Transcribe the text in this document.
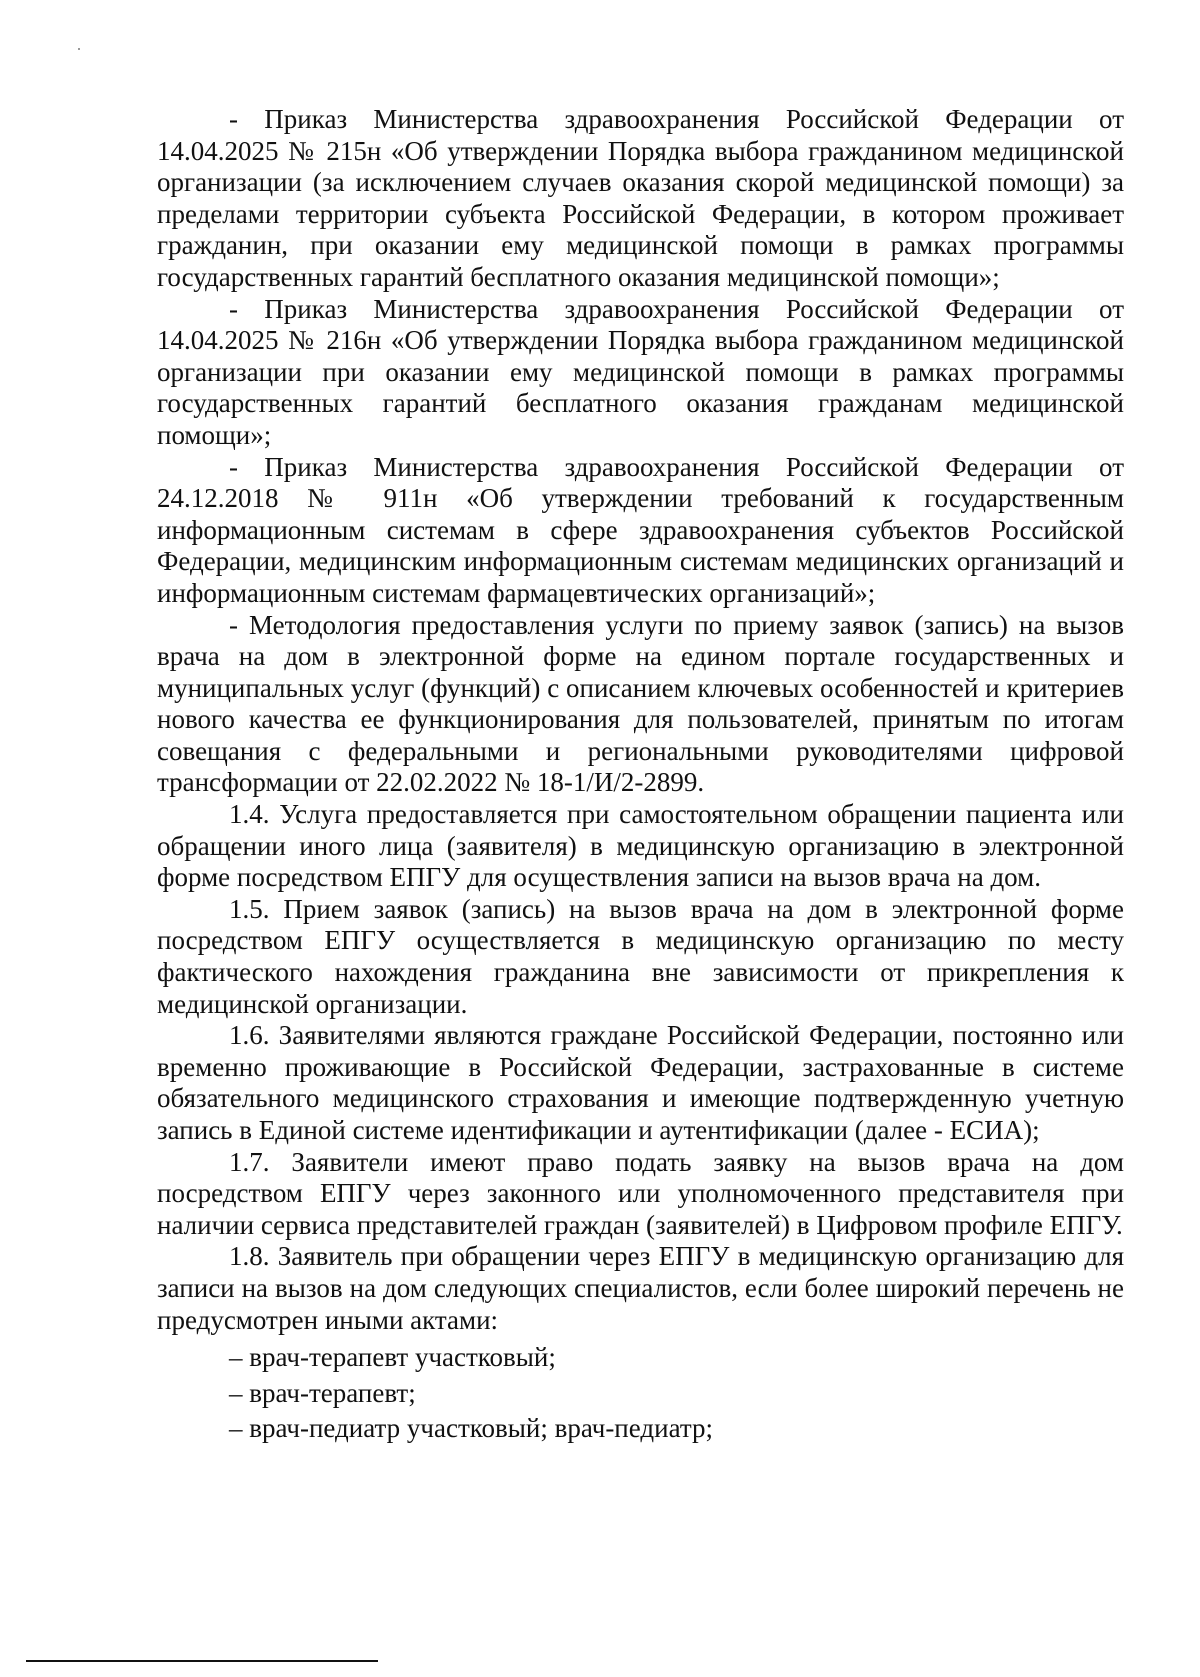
- Приказ Министерства здравоохранения Российской Федерации от 14.04.2025 № 215н «Об утверждении Порядка выбора гражданином медицинской организации (за исключением случаев оказания скорой медицинской помощи) за пределами территории субъекта Российской Федерации, в котором проживает гражданин, при оказании ему медицинской помощи в рамках программы государственных гарантий бесплатного оказания медицинской помощи»;

- Приказ Министерства здравоохранения Российской Федерации от 14.04.2025 № 216н «Об утверждении Порядка выбора гражданином медицинской организации при оказании ему медицинской помощи в рамках программы государственных гарантий бесплатного оказания гражданам медицинской помощи»;

- Приказ Министерства здравоохранения Российской Федерации от 24.12.2018 № 911н «Об утверждении требований к государственным информационным системам в сфере здравоохранения субъектов Российской Федерации, медицинским информационным системам медицинских организаций и информационным системам фармацевтических организаций»;

- Методология предоставления услуги по приему заявок (запись) на вызов врача на дом в электронной форме на едином портале государственных и муниципальных услуг (функций) с описанием ключевых особенностей и критериев нового качества ее функционирования для пользователей, принятым по итогам совещания с федеральными и региональными руководителями цифровой трансформации от 22.02.2022 № 18-1/И/2-2899.

1.4. Услуга предоставляется при самостоятельном обращении пациента или обращении иного лица (заявителя) в медицинскую организацию в электронной форме посредством ЕПГУ для осуществления записи на вызов врача на дом.

1.5. Прием заявок (запись) на вызов врача на дом в электронной форме посредством ЕПГУ осуществляется в медицинскую организацию по месту фактического нахождения гражданина вне зависимости от прикрепления к медицинской организации.

1.6. Заявителями являются граждане Российской Федерации, постоянно или временно проживающие в Российской Федерации, застрахованные в системе обязательного медицинского страхования и имеющие подтвержденную учетную запись в Единой системе идентификации и аутентификации (далее - ЕСИА);

1.7. Заявители имеют право подать заявку на вызов врача на дом посредством ЕПГУ через законного или уполномоченного представителя при наличии сервиса представителей граждан (заявителей) в Цифровом профиле ЕПГУ.

1.8. Заявитель при обращении через ЕПГУ в медицинскую организацию для записи на вызов на дом следующих специалистов, если более широкий перечень не предусмотрен иными актами:

– врач-терапевт участковый;
– врач-терапевт;
– врач-педиатр участковый; врач-педиатр;
